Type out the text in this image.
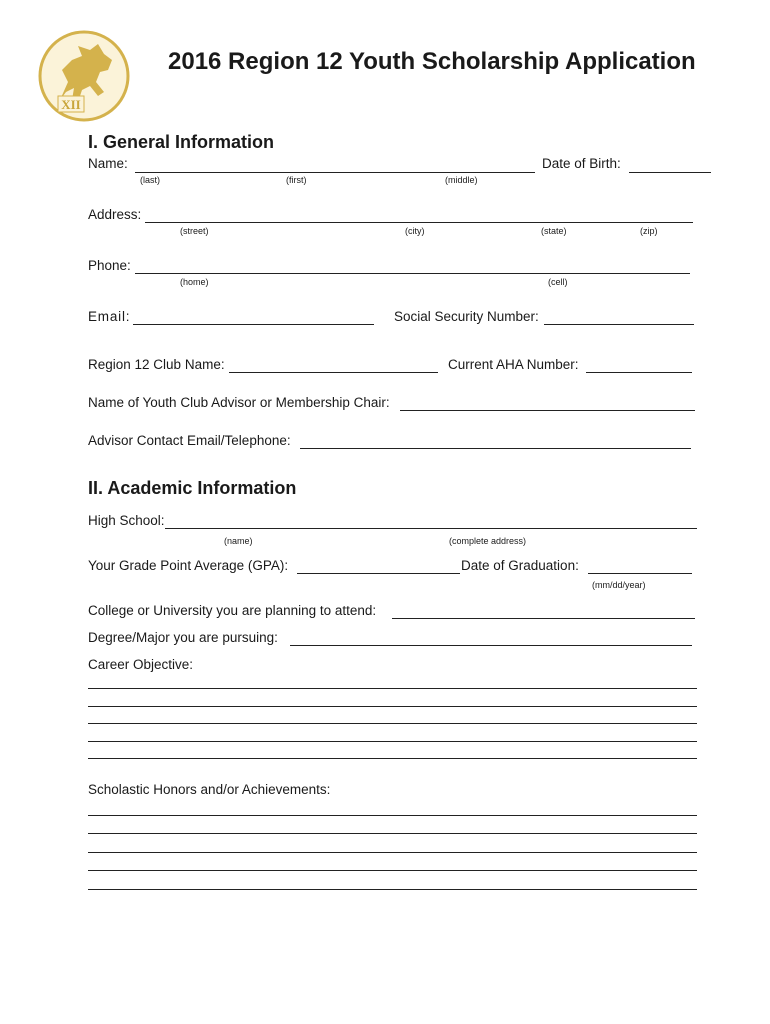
XII
2016 Region 12 Youth Scholarship Application
I. General Information
Name:
(last)	(first)	(middle)
Date of Birth:
Address:
(street)	(city)	(state)	(zip)
Phone:
(home)	(cell)
Email:	Social Security Number:
Region 12 Club Name:	Current AHA Number:
Name of Youth Club Advisor or Membership Chair:
Advisor Contact Email/Telephone:
II. Academic Information
High School:
(name)	(complete address)
Your Grade Point Average (GPA):	Date of Graduation:
(mm/dd/year)
College or University you are planning to attend:
Degree/Major you are pursuing:
Career Objective:
Scholastic Honors and/or Achievements:
